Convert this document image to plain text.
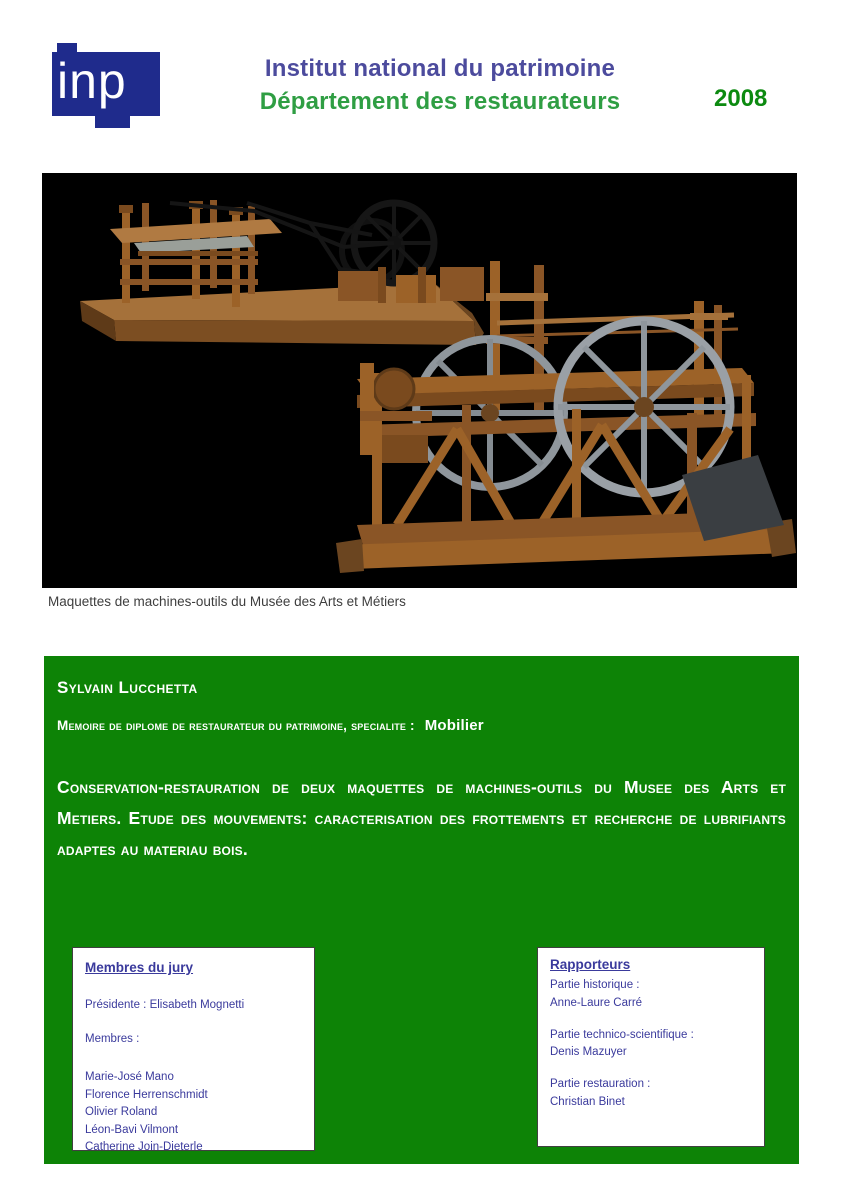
inp	Institut national du patrimoine
Département des restaurateurs	2008
Maquettes de machines-outils du Musée des Arts et Métiers
Sylvain Lucchetta
Memoire de diplome de restaurateur du patrimoine, specialite : Mobilier
Conservation-restauration de deux maquettes de machines-outils du Musee des Arts et Metiers. Etude des mouvements: caracterisation des frottements et recherche de lubrifiants adaptes au materiau bois.
Membres du jury
Présidente : Elisabeth Mognetti
Membres :
Marie-José Mano
Florence Herrenschmidt
Olivier Roland
Léon-Bavi Vilmont
Catherine Join-Dieterle
Rapporteurs
Partie historique :
Anne-Laure Carré
Partie technico-scientifique :
Denis Mazuyer
Partie restauration :
Christian Binet
